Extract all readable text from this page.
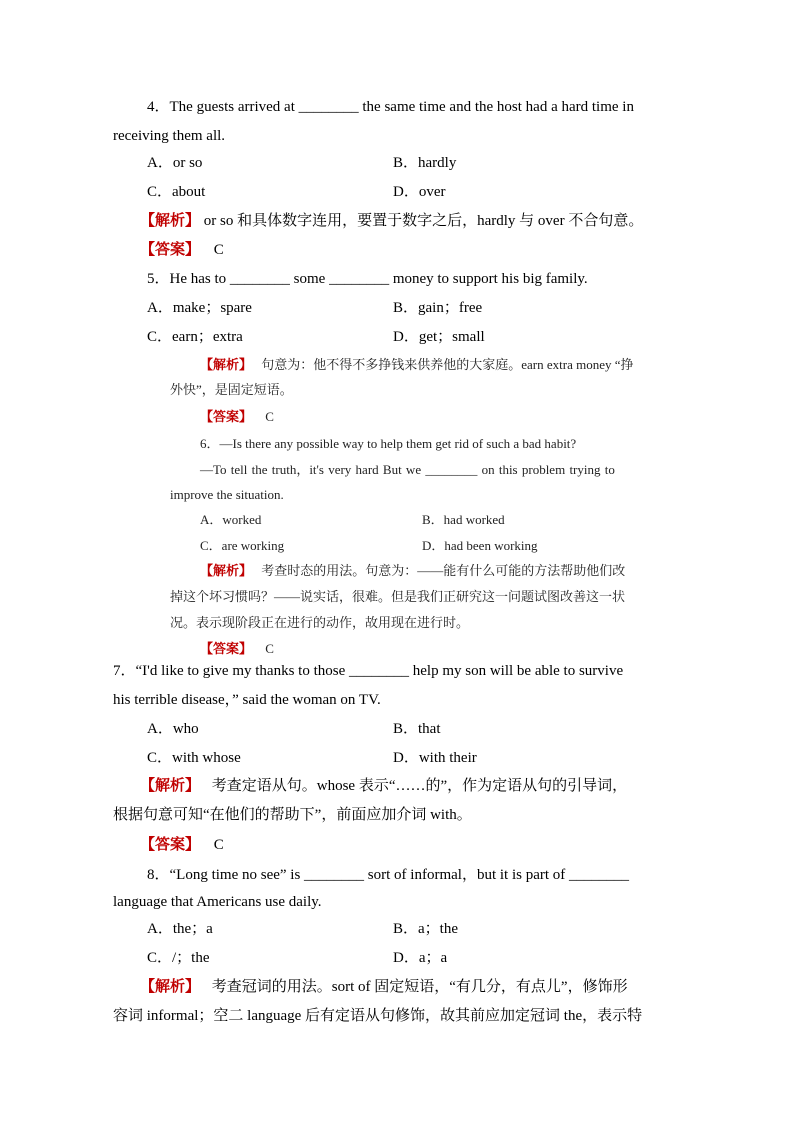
4．The guests arrived at ________ the same time and the host had a hard time in
receiving them all.
A．or so	B．hardly
C．about	D．over
【解析】 or so 和具体数字连用，要置于数字之后，hardly 与 over 不合句意。
【答案】 C
5．He has to ________ some ________ money to support his big family.
A．make；spare	B．gain；free
C．earn；extra	D．get；small
【解析】 句意为：他不得不多挣钱来供养他的大家庭。earn extra money “挣
外快”，是固定短语。
【答案】 C
6．—Is there any possible way to help them get rid of such a bad habit?
—To tell the truth，it's very hard But we ________ on this problem trying to
improve the situation.
A．worked	B．had worked
C．are working	D．had been working
【解析】 考查时态的用法。句意为：——能有什么可能的方法帮助他们改
掉这个坏习惯吗？——说实话，很难。但是我们正研究这一问题试图改善这一状
况。表示现阶段正在进行的动作，故用现在进行时。
【答案】 C
7．“I'd like to give my thanks to those ________ help my son will be able to survive
his terrible disease，” said the woman on TV.
A．who	B．that
C．with whose	D．with their
【解析】 考查定语从句。whose 表示“……的”，作为定语从句的引导词，
根据句意可知“在他们的帮助下”，前面应加介词 with。
【答案】 C
8．“Long time no see” is ________ sort of informal，but it is part of ________
language that Americans use daily.
A．the；a	B．a；the
C．/；the	D．a；a
【解析】 考查冠词的用法。sort of 固定短语，“有几分，有点儿”，修饰形
容词 informal；空二 language 后有定语从句修饰，故其前应加定冠词 the，表示特
